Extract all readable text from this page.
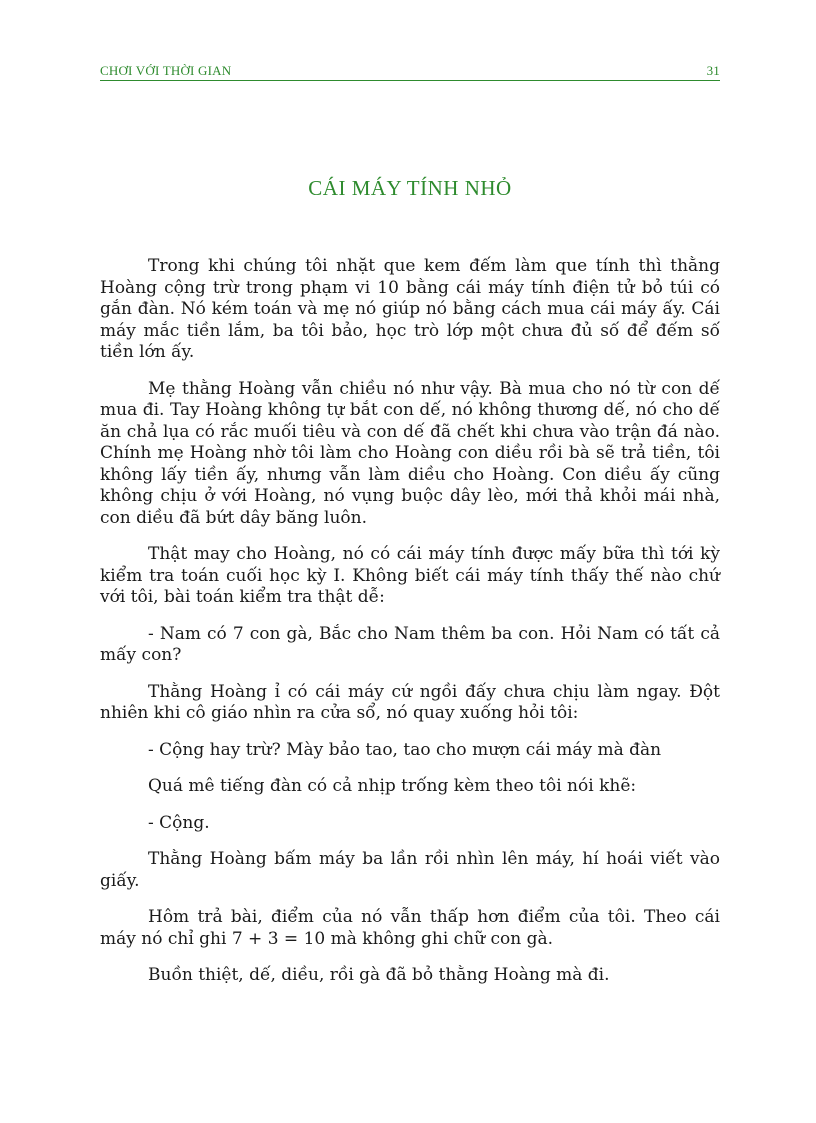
CHƠI VỚI THỜI GIAN	31
CÁI MÁY TÍNH NHỎ

Trong khi chúng tôi nhặt que kem đếm làm que tính thì thằng Hoàng cộng trừ trong phạm vi 10 bằng cái máy tính điện tử bỏ túi có gắn đàn. Nó kém toán và mẹ nó giúp nó bằng cách mua cái máy ấy. Cái máy mắc tiền lắm, ba tôi bảo, học trò lớp một chưa đủ số để đếm số tiền lớn ấy.

Mẹ thằng Hoàng vẫn chiều nó như vậy. Bà mua cho nó từ con dế mua đi. Tay Hoàng không tự bắt con dế, nó không thương dế, nó cho dế ăn chả lụa có rắc muối tiêu và con dế đã chết khi chưa vào trận đá nào. Chính mẹ Hoàng nhờ tôi làm cho Hoàng con diều rồi bà sẽ trả tiền, tôi không lấy tiền ấy, nhưng vẫn làm diều cho Hoàng. Con diều ấy cũng không chịu ở với Hoàng, nó vụng buộc dây lèo, mới thả khỏi mái nhà, con diều đã bứt dây băng luôn.

Thật may cho Hoàng, nó có cái máy tính được mấy bữa thì tới kỳ kiểm tra toán cuối học kỳ I. Không biết cái máy tính thấy thế nào chứ với tôi, bài toán kiểm tra thật dễ:

- Nam có 7 con gà, Bắc cho Nam thêm ba con. Hỏi Nam có tất cả mấy con?

Thằng Hoàng ỉ có cái máy cứ ngồi đấy chưa chịu làm ngay. Đột nhiên khi cô giáo nhìn ra cửa sổ, nó quay xuống hỏi tôi:

- Cộng hay trừ? Mày bảo tao, tao cho mượn cái máy mà đàn

Quá mê tiếng đàn có cả nhịp trống kèm theo tôi nói khẽ:

- Cộng.

Thằng Hoàng bấm máy ba lần rồi nhìn lên máy, hí hoái viết vào giấy.

Hôm trả bài, điểm của nó vẫn thấp hơn điểm của tôi. Theo cái máy nó chỉ ghi 7 + 3 = 10 mà không ghi chữ con gà.

Buồn thiệt, dế, diều, rồi gà đã bỏ thằng Hoàng mà đi.
